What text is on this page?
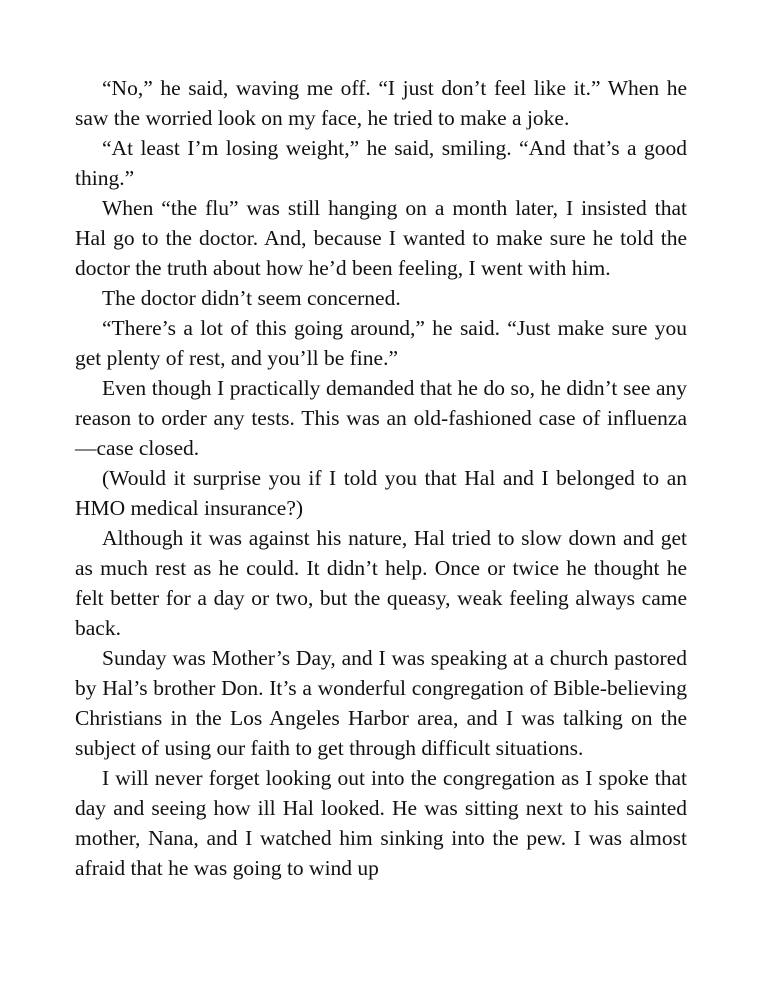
“No,” he said, waving me off. “I just don’t feel like it.” When he saw the worried look on my face, he tried to make a joke.

“At least I’m losing weight,” he said, smiling. “And that’s a good thing.”

When “the flu” was still hanging on a month later, I insisted that Hal go to the doctor. And, because I wanted to make sure he told the doctor the truth about how he’d been feeling, I went with him.

The doctor didn’t seem concerned.

“There’s a lot of this going around,” he said. “Just make sure you get plenty of rest, and you’ll be fine.”

Even though I practically demanded that he do so, he didn’t see any reason to order any tests. This was an old-fashioned case of influenza—case closed.

(Would it surprise you if I told you that Hal and I belonged to an HMO medical insurance?)

Although it was against his nature, Hal tried to slow down and get as much rest as he could. It didn’t help. Once or twice he thought he felt better for a day or two, but the queasy, weak feeling always came back.

Sunday was Mother’s Day, and I was speaking at a church pastored by Hal’s brother Don. It’s a wonderful congregation of Bible-believing Christians in the Los Angeles Harbor area, and I was talking on the subject of using our faith to get through difficult situations.

I will never forget looking out into the congregation as I spoke that day and seeing how ill Hal looked. He was sitting next to his sainted mother, Nana, and I watched him sinking into the pew. I was almost afraid that he was going to wind up
